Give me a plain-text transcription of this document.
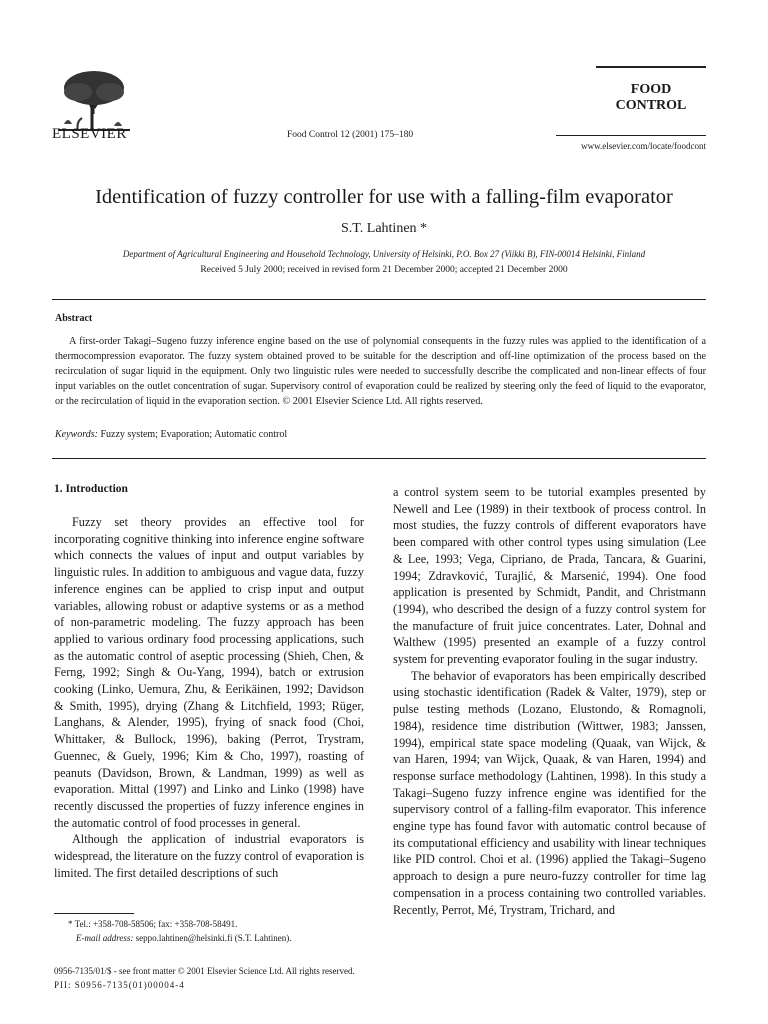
ELSEVIER	Food Control 12 (2001) 175–180
FOOD
CONTROL
www.elsevier.com/locate/foodcont
Identification of fuzzy controller for use with a falling-film evaporator
S.T. Lahtinen *
Department of Agricultural Engineering and Household Technology, University of Helsinki, P.O. Box 27 (Viikki B), FIN-00014 Helsinki, Finland
Received 5 July 2000; received in revised form 21 December 2000; accepted 21 December 2000
Abstract
A first-order Takagi–Sugeno fuzzy inference engine based on the use of polynomial consequents in the fuzzy rules was applied to the identification of a thermocompression evaporator. The fuzzy system obtained proved to be suitable for the description and off-line optimization of the process based on the recirculation of sugar liquid in the equipment. Only two linguistic rules were needed to successfully describe the complicated and non-linear effects of four input variables on the outlet concentration of sugar. Supervisory control of evaporation could be realized by steering only the feed of liquid to the evaporator, or the recirculation of liquid in the evaporation section. © 2001 Elsevier Science Ltd. All rights reserved.
Keywords: Fuzzy system; Evaporation; Automatic control
1. Introduction

Fuzzy set theory provides an effective tool for incorporating cognitive thinking into inference engine software which connects the values of input and output variables by linguistic rules. In addition to ambiguous and vague data, fuzzy inference engines can be applied to crisp input and output variables, allowing robust or adaptive systems or as a method of non-parametric modeling. The fuzzy approach has been applied to various ordinary food processing applications, such as the automatic control of aseptic processing (Shieh, Chen, & Ferng, 1992; Singh & Ou-Yang, 1994), batch or extrusion cooking (Linko, Uemura, Zhu, & Eerikäinen, 1992; Davidson & Smith, 1995), drying (Zhang & Litchfield, 1993; Rüger, Langhans, & Alender, 1995), frying of snack food (Choi, Whittaker, & Bullock, 1996), baking (Perrot, Trystram, Guennec, & Guely, 1996; Kim & Cho, 1997), roasting of peanuts (Davidson, Brown, & Landman, 1999) as well as evaporation. Mittal (1997) and Linko and Linko (1998) have recently discussed the properties of fuzzy inference engines in the automatic control of food processes in general.

Although the application of industrial evaporators is widespread, the literature on the fuzzy control of evaporation is limited. The first detailed descriptions of such

a control system seem to be tutorial examples presented by Newell and Lee (1989) in their textbook of process control. In most studies, the fuzzy controls of different evaporators have been compared with other control types using simulation (Lee & Lee, 1993; Vega, Cipriano, de Prada, Tancara, & Guarini, 1994; Zdravković, Turajlić, & Marsenić, 1994). One food application is presented by Schmidt, Pandit, and Christmann (1994), who described the design of a fuzzy control system for the manufacture of fruit juice concentrates. Later, Dohnal and Walthew (1995) presented an example of a fuzzy control system for preventing evaporator fouling in the sugar industry.

The behavior of evaporators has been empirically described using stochastic identification (Radek & Valter, 1979), step or pulse testing methods (Lozano, Elustondo, & Romagnoli, 1984), residence time distribution (Wittwer, 1983; Janssen, 1994), empirical state space modeling (Quaak, van Wijck, & van Haren, 1994; van Wijck, Quaak, & van Haren, 1994) and response surface methodology (Lahtinen, 1998). In this study a Takagi–Sugeno fuzzy infrence engine was identified for the supervisory control of a falling-film evaporator. This inference engine type has found favor with automatic control because of its computational efficiency and usability with linear techniques like PID control. Choi et al. (1996) applied the Takagi–Sugeno approach to design a pure neuro-fuzzy controller for time lag compensation in a process containing two controlled variables. Recently, Perrot, Mé, Trystram, Trichard, and

* Tel.: +358-708-58506; fax: +358-708-58491.
E-mail address: seppo.lahtinen@helsinki.fi (S.T. Lahtinen).
0956-7135/01/$ - see front matter © 2001 Elsevier Science Ltd. All rights reserved.
PII: S0956-7135(01)00004-4
